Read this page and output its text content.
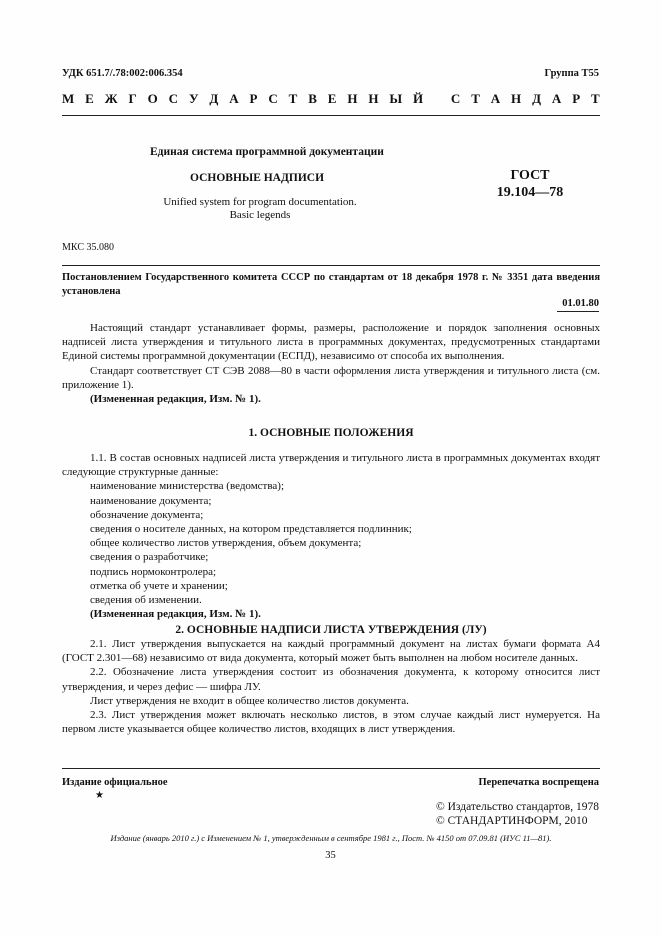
УДК 651.7/.78:002:006.354	Группа Т55
М Е Ж Г О С У Д А Р С Т В Е Н Н Ы Й С Т А Н Д А Р Т
Единая система программной документации
ОСНОВНЫЕ НАДПИСИ
Unified system for program documentation.
Basic legends
ГОСТ
19.104—78
МКС 35.080
Постановлением Государственного комитета СССР по стандартам от 18 декабря 1978 г. № 3351 дата введения установлена
01.01.80

Настоящий стандарт устанавливает формы, размеры, расположение и порядок заполнения основных надписей листа утверждения и титульного листа в программных документах, предусмотренных стандартами Единой системы программной документации (ЕСПД), независимо от способа их выполнения.

Стандарт соответствует СТ СЭВ 2088—80 в части оформления листа утверждения и титульного листа (см. приложение 1).

(Измененная редакция, Изм. № 1).

1. ОСНОВНЫЕ ПОЛОЖЕНИЯ

1.1. В состав основных надписей листа утверждения и титульного листа в программных документах входят следующие структурные данные:

наименование министерства (ведомства);

наименование документа;

обозначение документа;

сведения о носителе данных, на котором представляется подлинник;

общее количество листов утверждения, объем документа;

сведения о разработчике;

подпись нормоконтролера;

отметка об учете и хранении;

сведения об изменении.

(Измененная редакция, Изм. № 1).

2. ОСНОВНЫЕ НАДПИСИ ЛИСТА УТВЕРЖДЕНИЯ (ЛУ)

2.1. Лист утверждения выпускается на каждый программный документ на листах бумаги формата А4 (ГОСТ 2.301—68) независимо от вида документа, который может быть выполнен на любом носителе данных.

2.2. Обозначение листа утверждения состоит из обозначения документа, к которому относится лист утверждения, и через дефис — шифра ЛУ.

Лист утверждения не входит в общее количество листов документа.

2.3. Лист утверждения может включать несколько листов, в этом случае каждый лист нумеруется. На первом листе указывается общее количество листов, входящих в лист утверждения.

Издание официальное
★
Перепечатка воспрещена
© Издательство стандартов, 1978
© СТАНДАРТИНФОРМ, 2010
Издание (январь 2010 г.) с Изменением № 1, утвержденным в сентябре 1981 г., Пост. № 4150 от 07.09.81 (ИУС 11—81).
35
